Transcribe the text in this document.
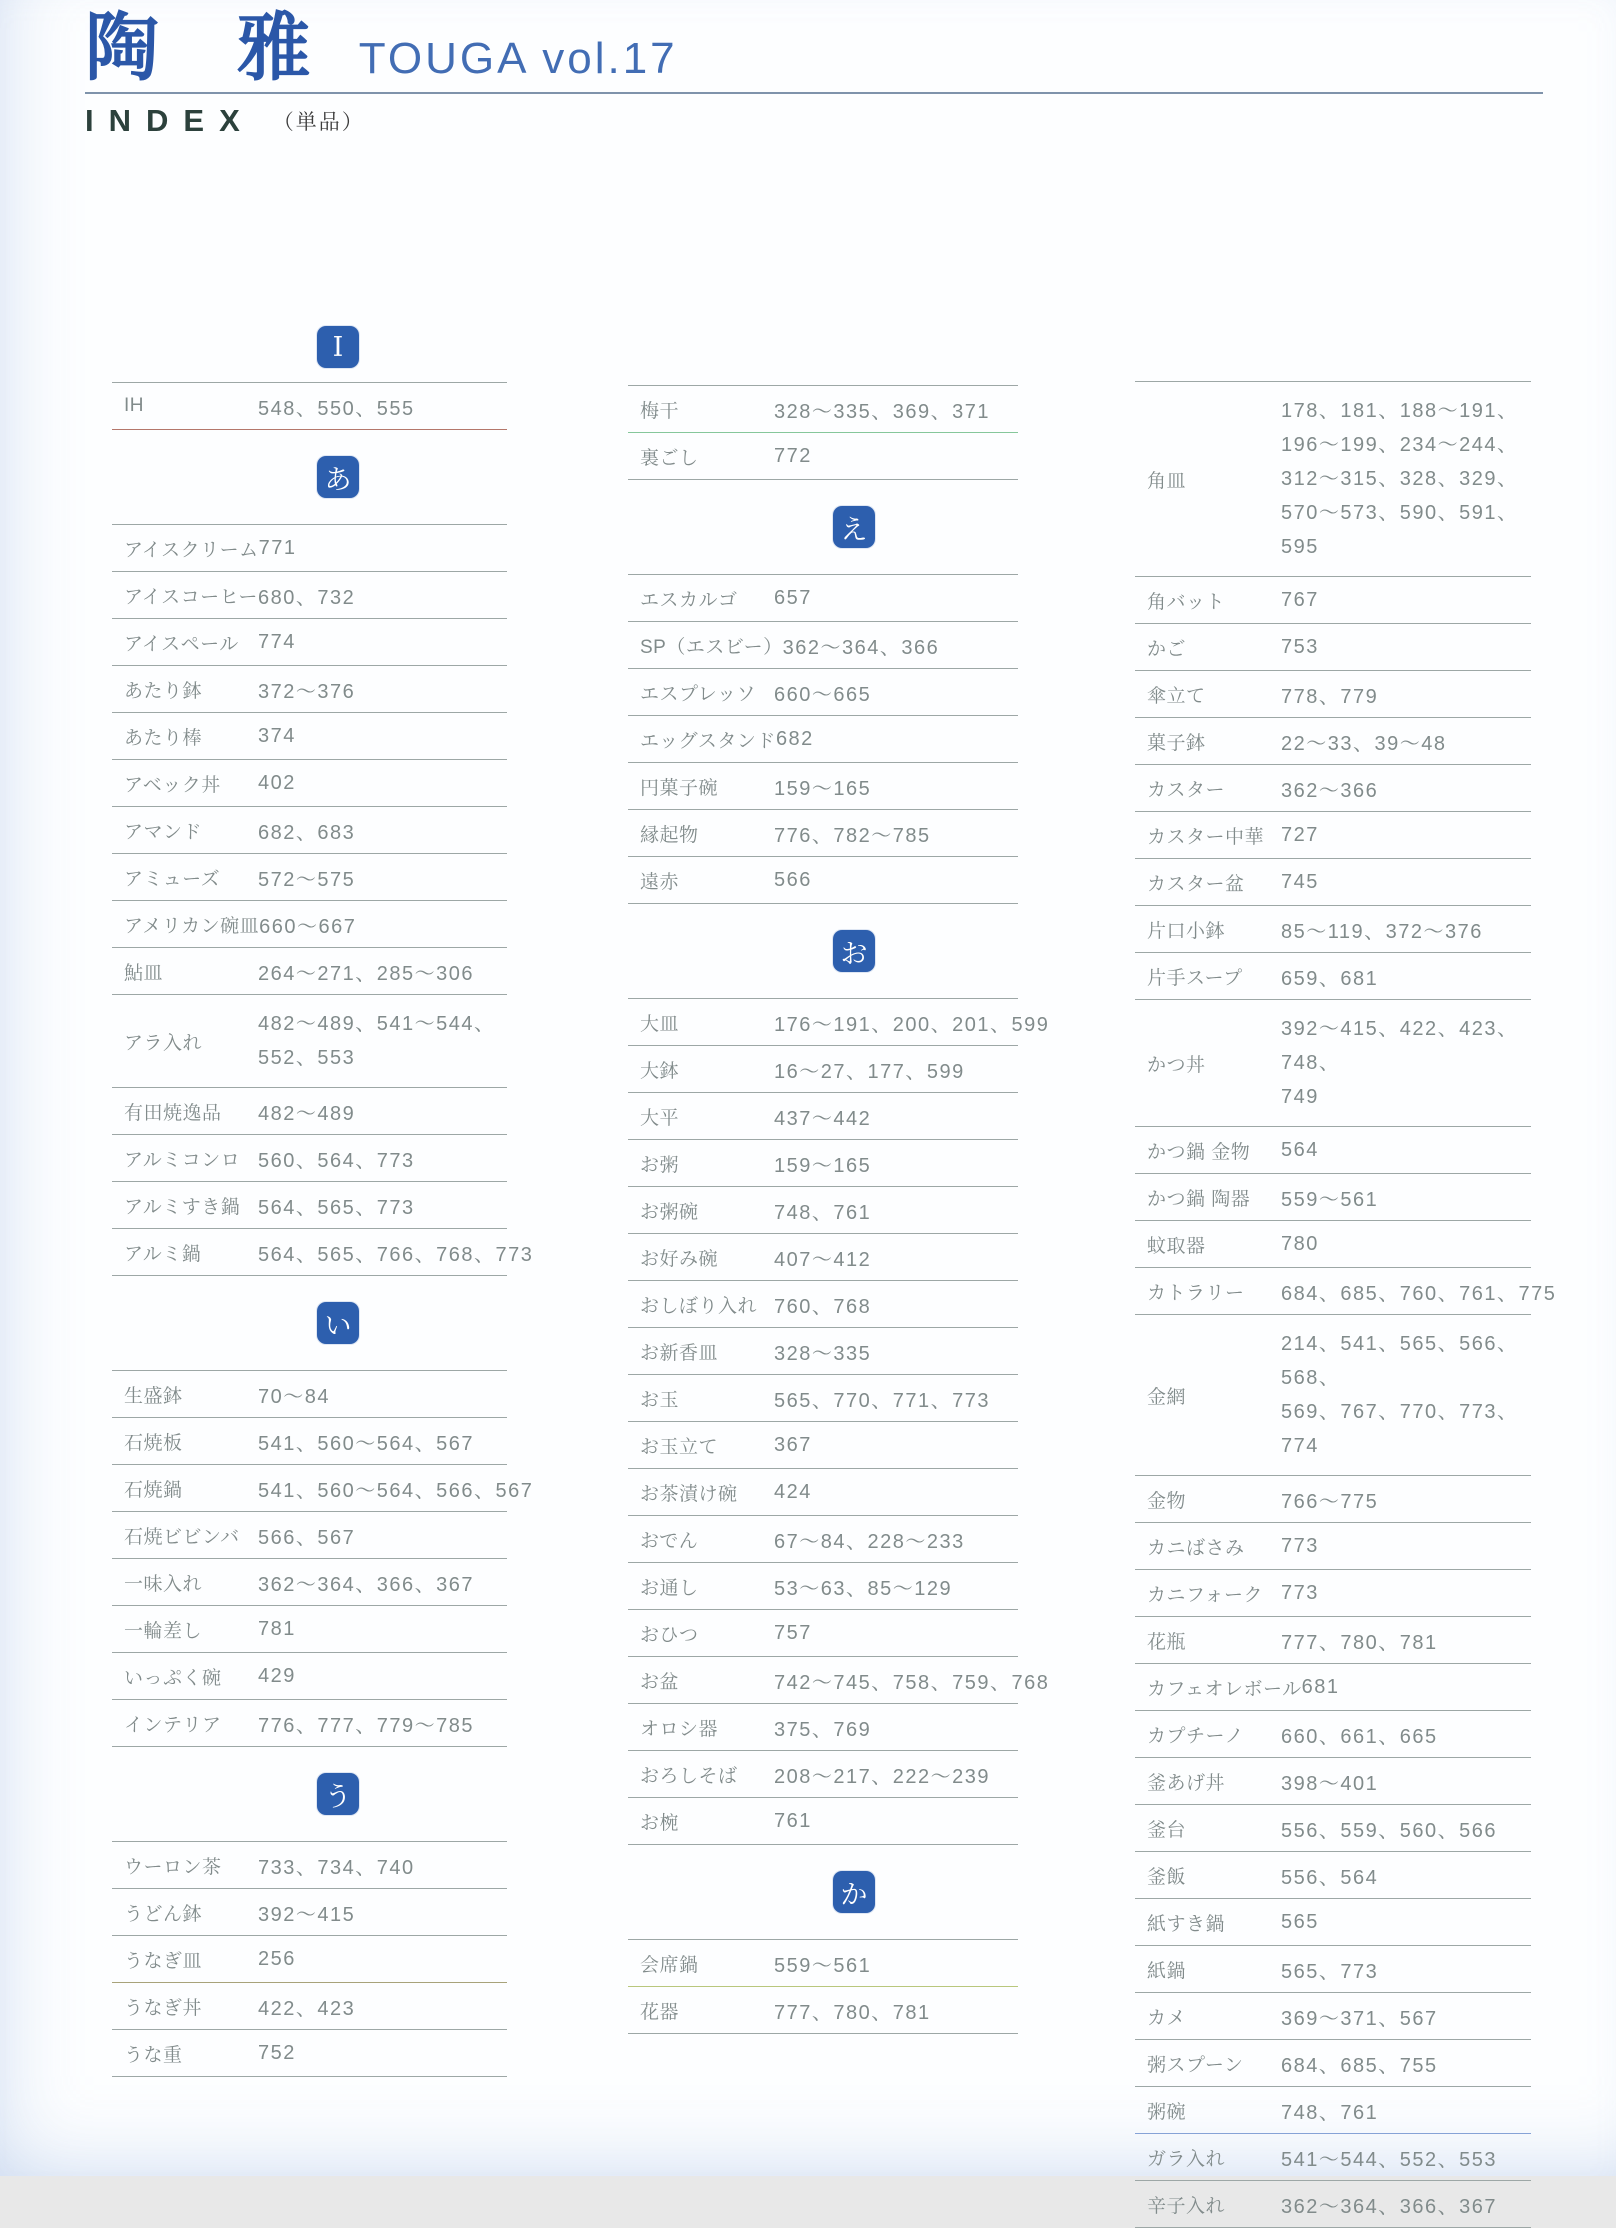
陶 雅 TOUGA vol.17
INDEX （単品）
I
IH	548、550、555
あ
アイスクリーム 771
アイスコーヒー 680、732
アイスペール 774
あたり鉢	372～376
あたり棒	374
アベック丼	402
アマンド	682、683
アミューズ	572～575
アメリカン碗皿 660～667
鮎皿	264～271、285～306
アラ入れ
482～489、541～544、
552、553
有田焼逸品	482～489
アルミコンロ 560、564、773
アルミすき鍋 564、565、773
アルミ鍋	564、565、766、768、773
い
生盛鉢	70～84
石焼板	541、560～564、567
石焼鍋	541、560～564、566、567
石焼ビビンバ 566、567
一味入れ	362～364、366、367
一輪差し	781
いっぷく碗	429
インテリア	776、777、779～785
う
ウーロン茶	733、734、740
うどん鉢	392～415
うなぎ皿	256
うなぎ丼	422、423
うな重	752
梅干	328～335、369、371
裏ごし	772
え
エスカルゴ	657
SP（エスビー） 362～364、366
エスプレッソ 660～665
エッグスタンド 682
円菓子碗	159～165
縁起物	776、782～785
遠赤	566
お
大皿	176～191、200、201、599
大鉢	16～27、177、599
大平	437～442
お粥	159～165
お粥碗	748、761
お好み碗	407～412
おしぼり入れ 760、768
お新香皿	328～335
お玉	565、770、771、773
お玉立て	367
お茶漬け碗	424
おでん	67～84、228～233
お通し	53～63、85～129
おひつ	757
お盆	742～745、758、759、768
オロシ器	375、769
おろしそば	208～217、222～239
お椀	761
か
会席鍋	559～561
花器	777、780、781
角皿
178、181、188～191、
196～199、234～244、
312～315、328、329、
570～573、590、591、595
角バット	767
かご	753
傘立て	778、779
菓子鉢	22～33、39～48
カスター	362～366
カスター中華 727
カスター盆	745
片口小鉢	85～119、372～376
片手スープ	659、681
かつ丼
392～415、422、423、748、
749
かつ鍋 金物	564
かつ鍋 陶器	559～561
蚊取器	780
カトラリー	684、685、760、761、775
金網
214、541、565、566、568、
569、767、770、773、774
金物	766～775
カニばさみ	773
カニフォーク 773
花瓶	777、780、781
カフェオレボール 681
カプチーノ	660、661、665
釜あげ丼	398～401
釜台	556、559、560、566
釜飯	556、564
紙すき鍋	565
紙鍋	565、773
カメ	369～371、567
粥スプーン	684、685、755
粥碗	748、761
ガラ入れ	541～544、552、553
辛子入れ	362～364、366、367
